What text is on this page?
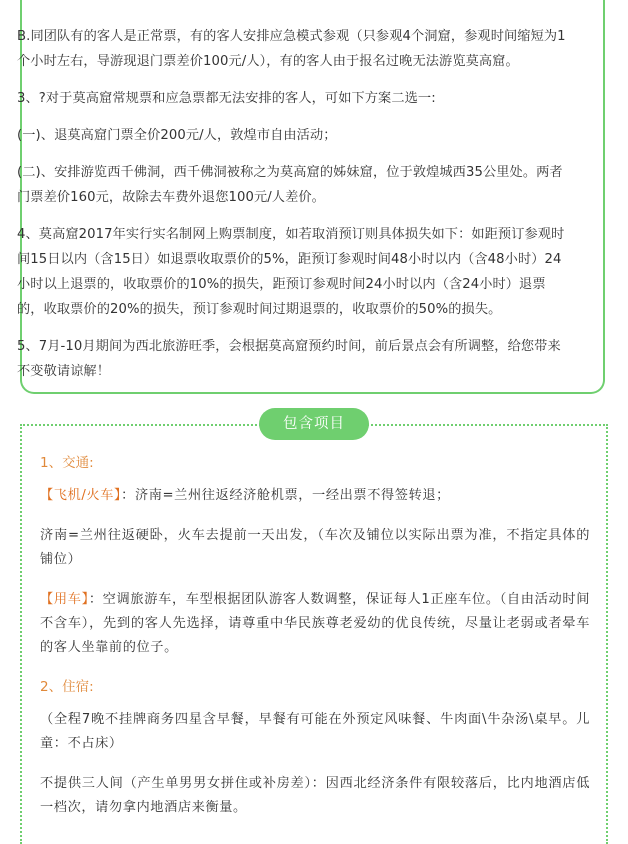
B.同团队有的客人是正常票，有的客人安排应急模式参观（只参观4个洞窟，参观时间缩短为1个小时左右，导游现退门票差价100元/人），有的客人由于报名过晚无法游览莫高窟。

3、?对于莫高窟常规票和应急票都无法安排的客人，可如下方案二选一:

(一)、退莫高窟门票全价200元/人，敦煌市自由活动；

(二)、安排游览西千佛洞，西千佛洞被称之为莫高窟的姊妹窟，位于敦煌城西35公里处。两者门票差价160元，故除去车费外退您100元/人差价。

4、莫高窟2017年实行实名制网上购票制度，如若取消预订则具体损失如下：如距预订参观时间15日以内（含15日）如退票收取票价的5%，距预订参观时间48小时以内（含48小时）24小时以上退票的，收取票价的10%的损失，距预订参观时间24小时以内（含24小时）退票的，收取票价的20%的损失，预订参观时间过期退票的，收取票价的50%的损失。

5、7月-10月期间为西北旅游旺季，会根据莫高窟预约时间，前后景点会有所调整，给您带来不变敬请谅解！

包含项目
1、交通:

【飞机/火车】：济南=兰州往返经济舱机票，一经出票不得签转退；

济南=兰州往返硬卧，火车去提前一天出发，（车次及铺位以实际出票为准，不指定具体的铺位）

【用车】：空调旅游车，车型根据团队游客人数调整，保证每人1正座车位。（自由活动时间不含车），先到的客人先选择，请尊重中华民族尊老爱幼的优良传统，尽量让老弱或者晕车的客人坐靠前的位子。

2、住宿:

（全程7晚不挂牌商务四星含早餐，早餐有可能在外预定风味餐、牛肉面\牛杂汤\桌早。儿童：不占床）

不提供三人间（产生单男男女拼住或补房差）：因西北经济条件有限较落后，比内地酒店低一档次，请勿拿内地酒店来衡量。
